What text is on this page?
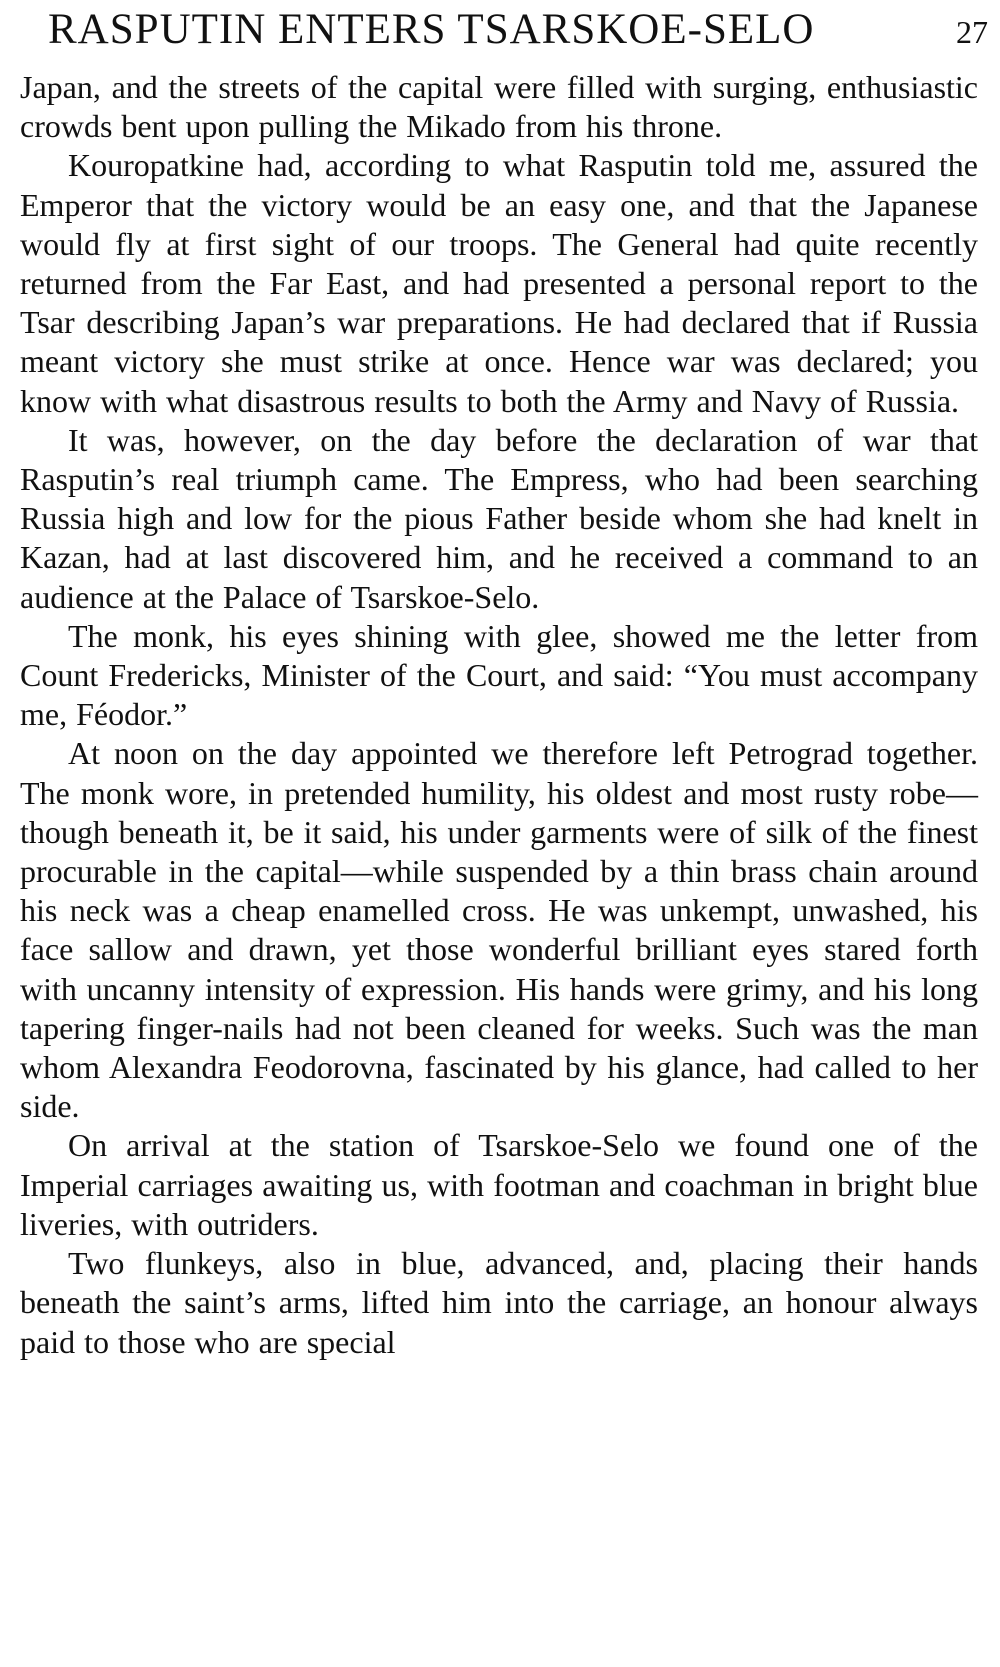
RASPUTIN ENTERS TSARSKOE-SELO	27

Japan, and the streets of the capital were filled with surging, enthusiastic crowds bent upon pulling the Mikado from his throne.

Kouropatkine had, according to what Rasputin told me, assured the Emperor that the victory would be an easy one, and that the Japanese would fly at first sight of our troops. The General had quite recently returned from the Far East, and had presented a personal report to the Tsar describing Japan’s war preparations. He had declared that if Russia meant victory she must strike at once. Hence war was declared; you know with what disastrous results to both the Army and Navy of Russia.

It was, however, on the day before the declaration of war that Rasputin’s real triumph came. The Empress, who had been searching Russia high and low for the pious Father beside whom she had knelt in Kazan, had at last discovered him, and he received a command to an audience at the Palace of Tsarskoe-Selo.

The monk, his eyes shining with glee, showed me the letter from Count Fredericks, Minister of the Court, and said: “You must accompany me, Féodor.”

At noon on the day appointed we therefore left Petrograd together. The monk wore, in pretended humility, his oldest and most rusty robe—though beneath it, be it said, his under garments were of silk of the finest procurable in the capital—while suspended by a thin brass chain around his neck was a cheap enamelled cross. He was unkempt, unwashed, his face sallow and drawn, yet those wonderful brilliant eyes stared forth with uncanny intensity of expression. His hands were grimy, and his long tapering finger-nails had not been cleaned for weeks. Such was the man whom Alexandra Feodorovna, fascinated by his glance, had called to her side.

On arrival at the station of Tsarskoe-Selo we found one of the Imperial carriages awaiting us, with footman and coachman in bright blue liveries, with outriders.

Two flunkeys, also in blue, advanced, and, placing their hands beneath the saint’s arms, lifted him into the carriage, an honour always paid to those who are special
